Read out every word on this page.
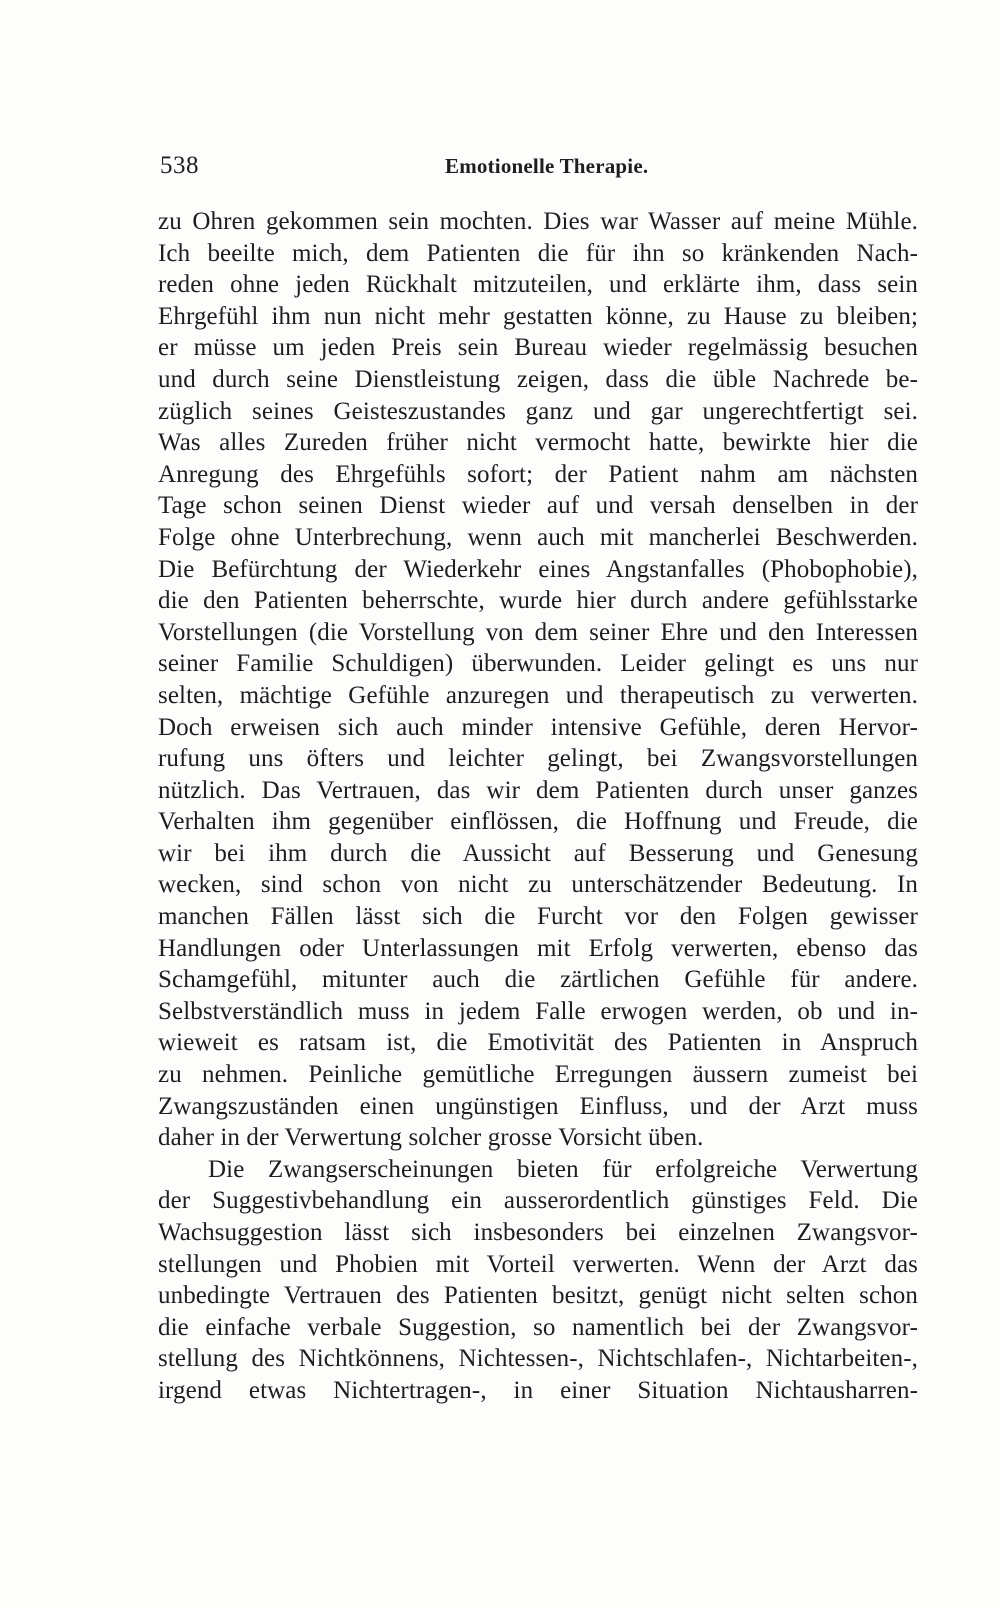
538	Emotionelle Therapie.
zu Ohren gekommen sein mochten. Dies war Wasser auf meine Mühle.
Ich beeilte mich, dem Patienten die für ihn so kränkenden Nach-
reden ohne jeden Rückhalt mitzuteilen, und erklärte ihm, dass sein
Ehrgefühl ihm nun nicht mehr gestatten könne, zu Hause zu bleiben;
er müsse um jeden Preis sein Bureau wieder regelmässig besuchen
und durch seine Dienstleistung zeigen, dass die üble Nachrede be-
züglich seines Geisteszustandes ganz und gar ungerechtfertigt sei.
Was alles Zureden früher nicht vermocht hatte, bewirkte hier die
Anregung des Ehrgefühls sofort; der Patient nahm am nächsten
Tage schon seinen Dienst wieder auf und versah denselben in der
Folge ohne Unterbrechung, wenn auch mit mancherlei Beschwerden.
Die Befürchtung der Wiederkehr eines Angstanfalles (Phobophobie),
die den Patienten beherrschte, wurde hier durch andere gefühlsstarke
Vorstellungen (die Vorstellung von dem seiner Ehre und den Interessen
seiner Familie Schuldigen) überwunden. Leider gelingt es uns nur
selten, mächtige Gefühle anzuregen und therapeutisch zu verwerten.
Doch erweisen sich auch minder intensive Gefühle, deren Hervor-
rufung uns öfters und leichter gelingt, bei Zwangsvorstellungen
nützlich. Das Vertrauen, das wir dem Patienten durch unser ganzes
Verhalten ihm gegenüber einflössen, die Hoffnung und Freude, die
wir bei ihm durch die Aussicht auf Besserung und Genesung
wecken, sind schon von nicht zu unterschätzender Bedeutung. In
manchen Fällen lässt sich die Furcht vor den Folgen gewisser
Handlungen oder Unterlassungen mit Erfolg verwerten, ebenso das
Schamgefühl, mitunter auch die zärtlichen Gefühle für andere.
Selbstverständlich muss in jedem Falle erwogen werden, ob und in-
wieweit es ratsam ist, die Emotivität des Patienten in Anspruch
zu nehmen. Peinliche gemütliche Erregungen äussern zumeist bei
Zwangszuständen einen ungünstigen Einfluss, und der Arzt muss
daher in der Verwertung solcher grosse Vorsicht üben.
Die Zwangserscheinungen bieten für erfolgreiche Verwertung
der Suggestivbehandlung ein ausserordentlich günstiges Feld. Die
Wachsuggestion lässt sich insbesonders bei einzelnen Zwangsvor-
stellungen und Phobien mit Vorteil verwerten. Wenn der Arzt das
unbedingte Vertrauen des Patienten besitzt, genügt nicht selten schon
die einfache verbale Suggestion, so namentlich bei der Zwangsvor-
stellung des Nichtkönnens, Nichtessen-, Nichtschlafen-, Nichtarbeiten-,
irgend etwas Nichtertragen-, in einer Situation Nichtausharren-
